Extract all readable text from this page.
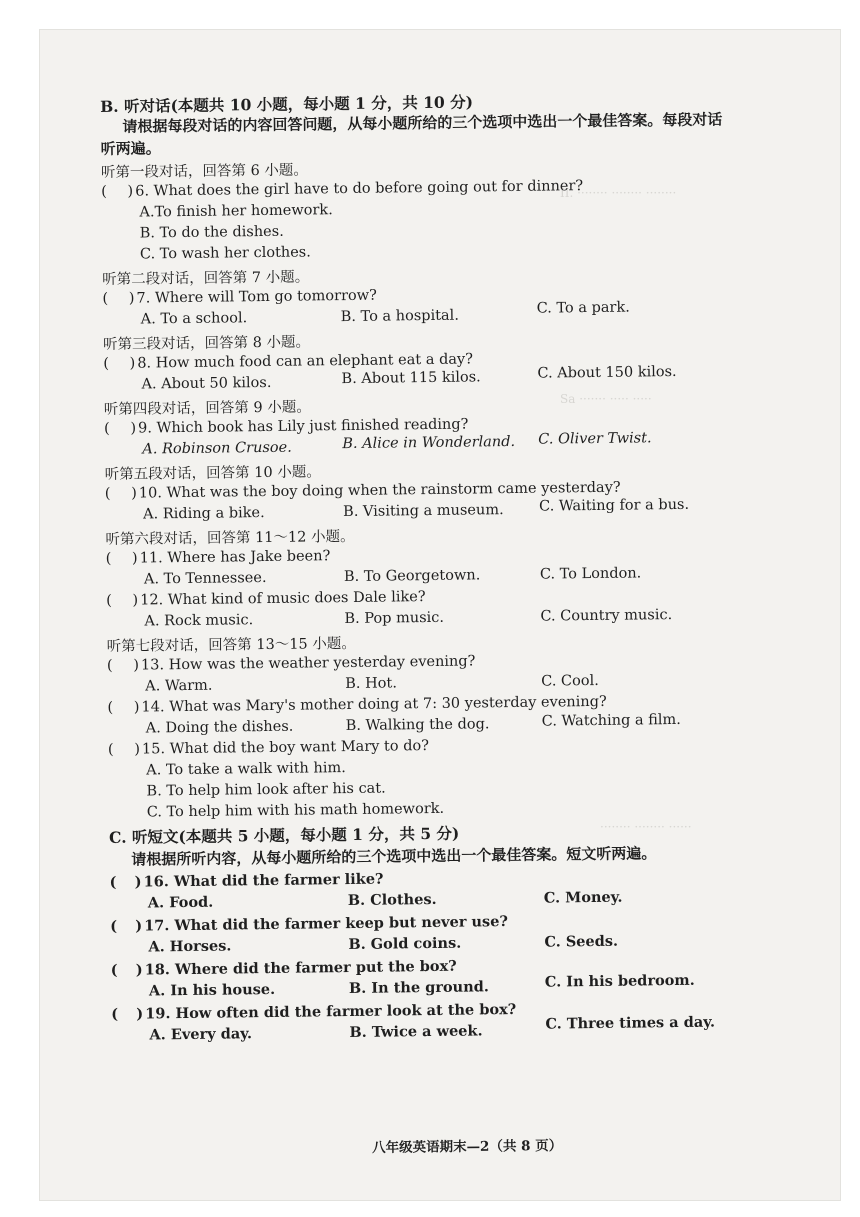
II. ········ ········ ········
Sa ······· ····· ·····
········ ········ ······
B. 听对话(本题共 10 小题，每小题 1 分，共 10 分)
请根据每段对话的内容回答问题，从每小题所给的三个选项中选出一个最佳答案。每段对话
听两遍。
听第一段对话，回答第 6 小题。
( )6. What does the girl have to do before going out for dinner?
A.To finish her homework.
B. To do the dishes.
C. To wash her clothes.
听第二段对话，回答第 7 小题。
( )7. Where will Tom go tomorrow?
A. To a school.	B. To a hospital.	C. To a park.
听第三段对话，回答第 8 小题。
( )8. How much food can an elephant eat a day?
A. About 50 kilos.	B. About 115 kilos.	C. About 150 kilos.
听第四段对话，回答第 9 小题。
( )9. Which book has Lily just finished reading?
A. Robinson Crusoe.	B. Alice in Wonderland. C. Oliver Twist.
听第五段对话，回答第 10 小题。
( )10. What was the boy doing when the rainstorm came yesterday?
A. Riding a bike.	B. Visiting a museum. C. Waiting for a bus.
听第六段对话，回答第 11～12 小题。
( )11. Where has Jake been?
A. To Tennessee.	B. To Georgetown.	C. To London.
( )12. What kind of music does Dale like?
A. Rock music.	B. Pop music.	C. Country music.
听第七段对话，回答第 13～15 小题。
( )13. How was the weather yesterday evening?
A. Warm.	B. Hot.	C. Cool.
( )14. What was Mary's mother doing at 7: 30 yesterday evening?
A. Doing the dishes.	B. Walking the dog.	C. Watching a film.
( )15. What did the boy want Mary to do?
A. To take a walk with him.
B. To help him look after his cat.
C. To help him with his math homework.
C. 听短文(本题共 5 小题，每小题 1 分，共 5 分)
请根据所听内容，从每小题所给的三个选项中选出一个最佳答案。短文听两遍。
( )16. What did the farmer like?
A. Food.	B. Clothes.	C. Money.
( )17. What did the farmer keep but never use?
A. Horses.	B. Gold coins.	C. Seeds.
( )18. Where did the farmer put the box?
A. In his house.	B. In the ground.	C. In his bedroom.
( )19. How often did the farmer look at the box?
A. Every day.	B. Twice a week.	C. Three times a day.
八年级英语期末—2（共 8 页）
